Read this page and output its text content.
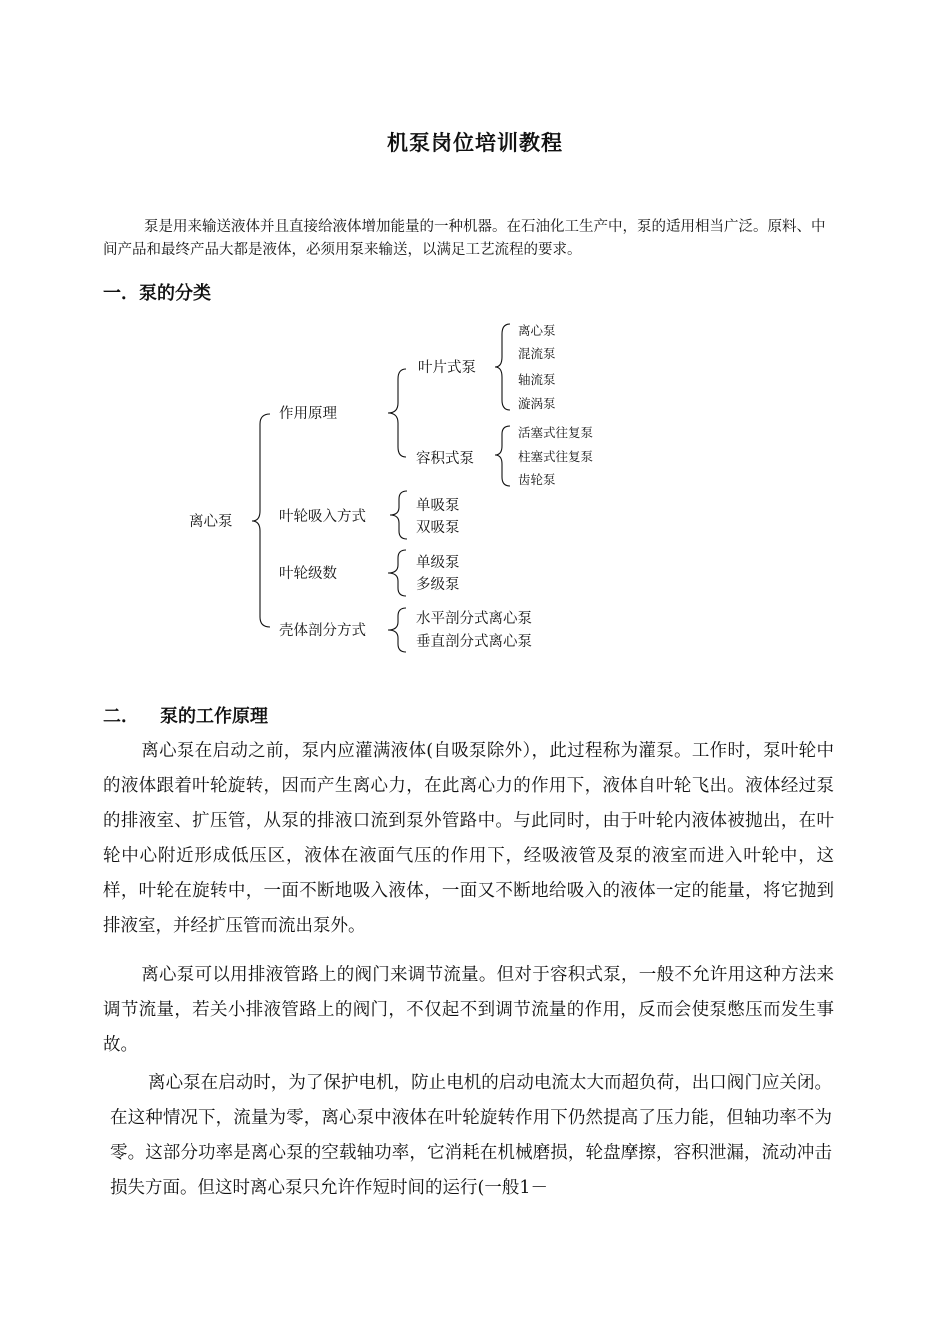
机泵岗位培训教程
泵是用来输送液体并且直接给液体增加能量的一种机器。在石油化工生产中，泵的适用相当广泛。原料、中间产品和最终产品大都是液体，必须用泵来输送，以满足工艺流程的要求。
一．泵的分类
离心泵
作用原理
叶片式泵
离心泵
混流泵
轴流泵
漩涡泵
容积式泵
活塞式往复泵
柱塞式往复泵
齿轮泵
叶轮吸入方式
单吸泵
双吸泵
叶轮级数
单级泵
多级泵
壳体剖分方式
水平剖分式离心泵
垂直剖分式离心泵
二． 泵的工作原理
离心泵在启动之前，泵内应灌满液体(自吸泵除外），此过程称为灌泵。工作时，泵叶轮中的液体跟着叶轮旋转，因而产生离心力，在此离心力的作用下，液体自叶轮飞出。液体经过泵的排液室、扩压管，从泵的排液口流到泵外管路中。与此同时，由于叶轮内液体被抛出，在叶轮中心附近形成低压区，液体在液面气压的作用下，经吸液管及泵的液室而进入叶轮中，这样，叶轮在旋转中，一面不断地吸入液体，一面又不断地给吸入的液体一定的能量，将它抛到排液室，并经扩压管而流出泵外。
离心泵可以用排液管路上的阀门来调节流量。但对于容积式泵，一般不允许用这种方法来调节流量，若关小排液管路上的阀门，不仅起不到调节流量的作用，反而会使泵憋压而发生事故。
离心泵在启动时，为了保护电机，防止电机的启动电流太大而超负荷，出口阀门应关闭。在这种情况下，流量为零，离心泵中液体在叶轮旋转作用下仍然提高了压力能，但轴功率不为零。这部分功率是离心泵的空载轴功率，它消耗在机械磨损，轮盘摩擦，容积泄漏，流动冲击损失方面。但这时离心泵只允许作短时间的运行(一般1－
